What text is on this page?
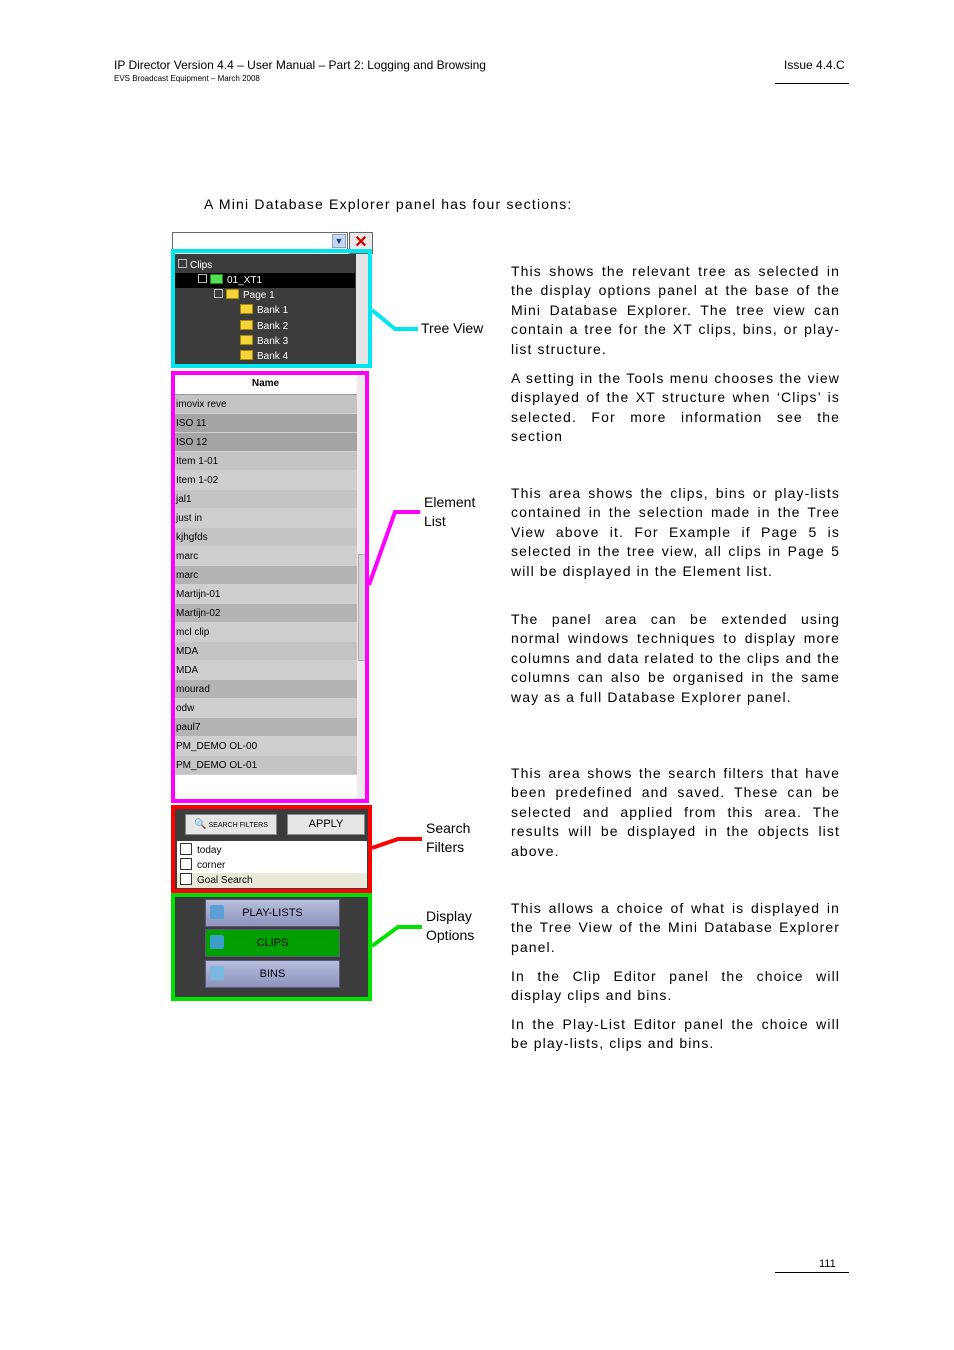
IP Director Version 4.4 – User Manual – Part 2: Logging and Browsing
EVS Broadcast Equipment – March 2008
Issue 4.4.C
A Mini Database Explorer panel has four sections:
▼ ✕
Clips
01_XT1
Page 1
Bank 1
Bank 2
Bank 3
Bank 4
Name
imovix reve
ISO 11
ISO 12
Item 1-01
Item 1-02
jal1
just in
kjhgfds
marc
marc
Martijn-01
Martijn-02
mcl clip
MDA
MDA
mourad
odw
paul7
PM_DEMO OL-00
PM_DEMO OL-01
🔍 SEARCH FILTERS	APPLY
today
corner
Goal Search
PLAY-LISTS
CLIPS
BINS
Tree View
Element
List
Search
Filters
Display
Options

This shows the relevant tree as selected in the display options panel at the base of the Mini Database Explorer. The tree view can contain a tree for the XT clips, bins, or play-list structure.

A setting in the Tools menu chooses the view displayed of the XT structure when ‘Clips’ is selected. For more information see the section

This area shows the clips, bins or play-lists contained in the selection made in the Tree View above it. For Example if Page 5 is selected in the tree view, all clips in Page 5 will be displayed in the Element list.

The panel area can be extended using normal windows techniques to display more columns and data related to the clips and the columns can also be organised in the same way as a full Database Explorer panel.

This area shows the search filters that have been predefined and saved. These can be selected and applied from this area. The results will be displayed in the objects list above.

This allows a choice of what is displayed in the Tree View of the Mini Database Explorer panel.

In the Clip Editor panel the choice will display clips and bins.

In the Play-List Editor panel the choice will be play-lists, clips and bins.

111
